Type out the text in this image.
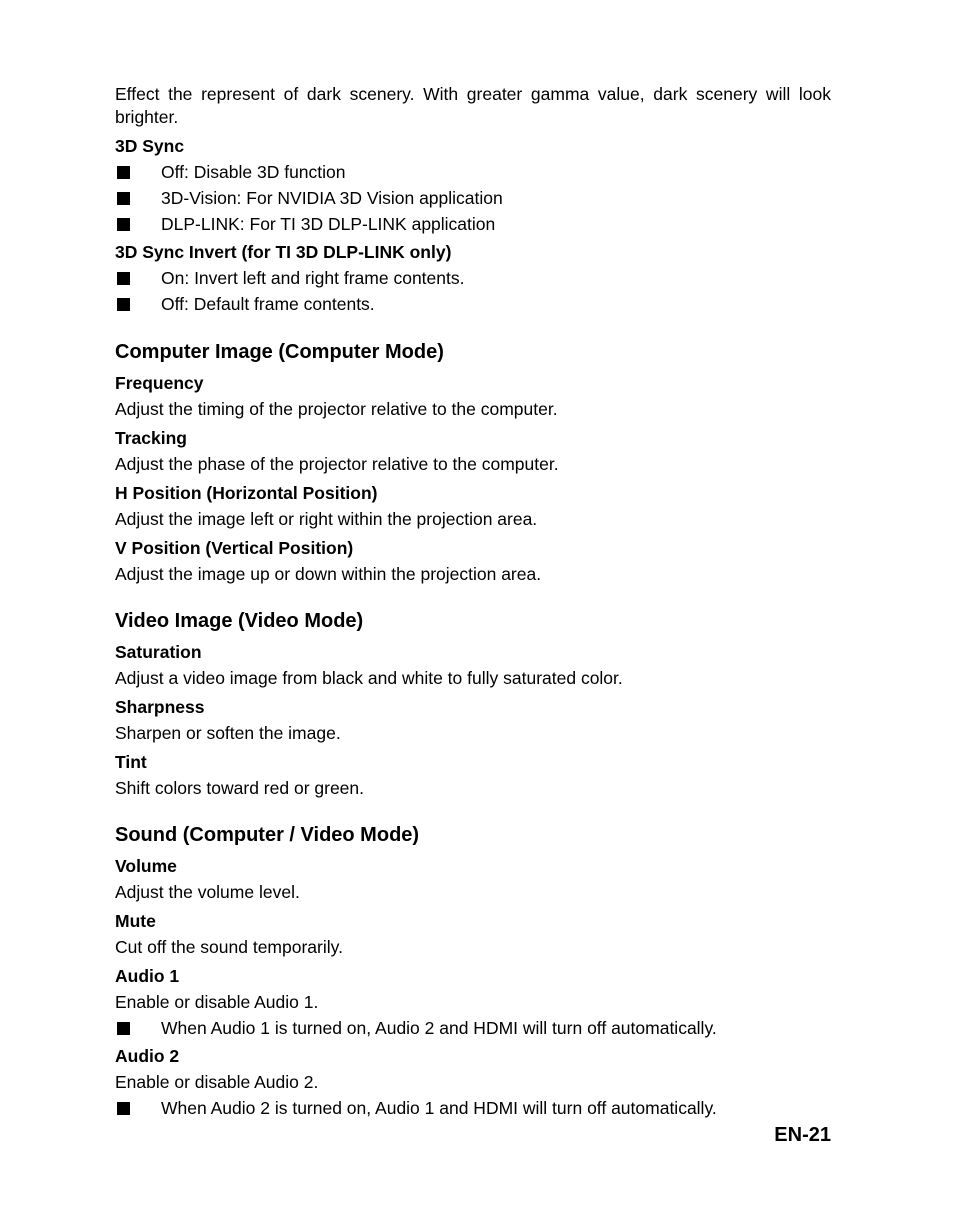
Effect the represent of dark scenery. With greater gamma value, dark scenery will look brighter.

3D Sync
Off: Disable 3D function
3D-Vision: For NVIDIA 3D Vision application
DLP-LINK: For TI 3D DLP-LINK application
3D Sync Invert (for TI 3D DLP-LINK only)
On: Invert left and right frame contents.
Off: Default frame contents.
Computer Image (Computer Mode)
Frequency
Adjust the timing of the projector relative to the computer.
Tracking
Adjust the phase of the projector relative to the computer.
H Position (Horizontal Position)
Adjust the image left or right within the projection area.
V Position (Vertical Position)
Adjust the image up or down within the projection area.
Video Image (Video Mode)
Saturation
Adjust a video image from black and white to fully saturated color.
Sharpness
Sharpen or soften the image.
Tint
Shift colors toward red or green.
Sound (Computer / Video Mode)
Volume
Adjust the volume level.
Mute
Cut off the sound temporarily.
Audio 1
Enable or disable Audio 1.
When Audio 1 is turned on, Audio 2 and HDMI will turn off automatically.
Audio 2
Enable or disable Audio 2.
When Audio 2 is turned on, Audio 1 and HDMI will turn off automatically.
EN-21
